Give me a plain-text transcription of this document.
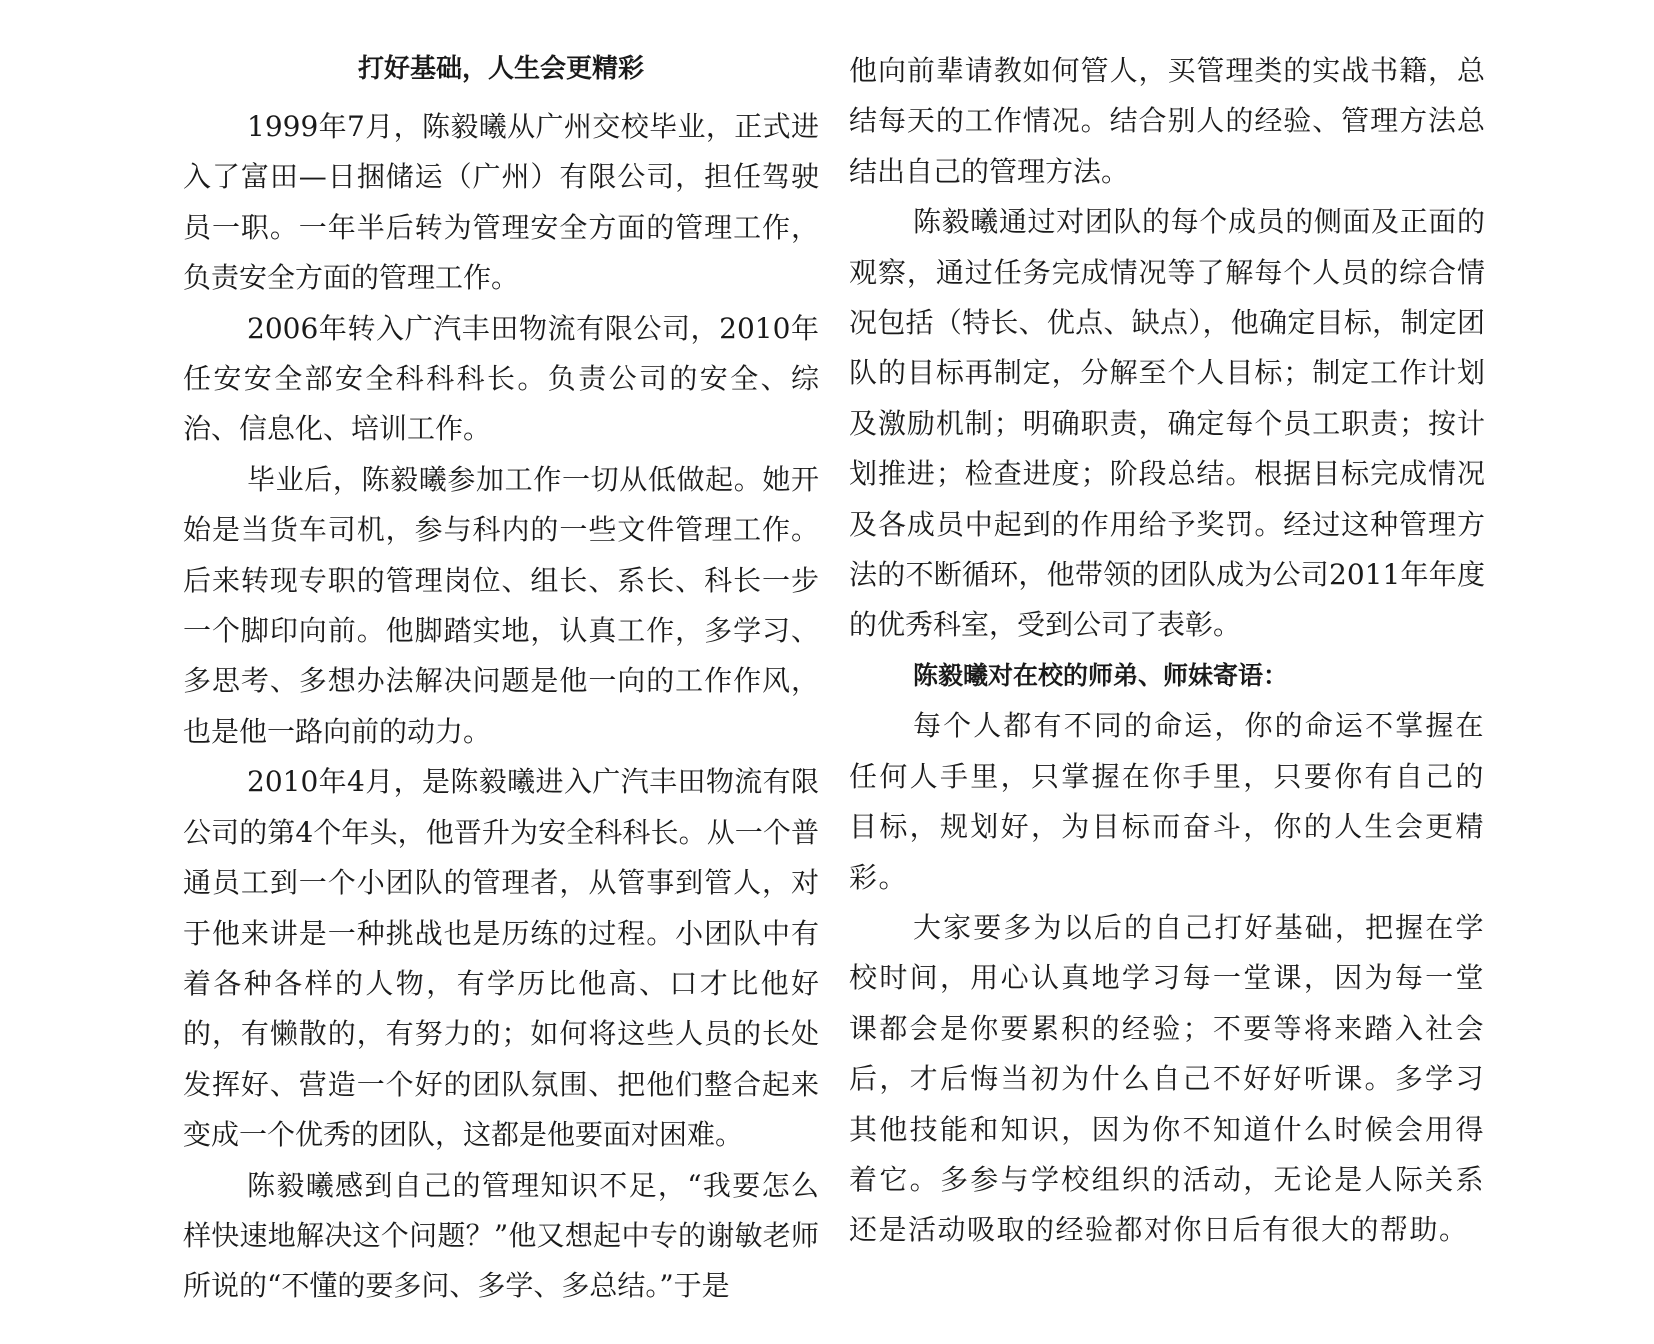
打好基础，人生会更精彩

1999年7月，陈毅曦从广州交校毕业，正式进入了富田—日捆储运（广州）有限公司，担任驾驶员一职。一年半后转为管理安全方面的管理工作，负责安全方面的管理工作。

2006年转入广汽丰田物流有限公司，2010年任安安全部安全科科科长。负责公司的安全、综治、信息化、培训工作。

毕业后，陈毅曦参加工作一切从低做起。她开始是当货车司机，参与科内的一些文件管理工作。后来转现专职的管理岗位、组长、系长、科长一步一个脚印向前。他脚踏实地，认真工作，多学习、多思考、多想办法解决问题是他一向的工作作风，也是他一路向前的动力。

2010年4月，是陈毅曦进入广汽丰田物流有限公司的第4个年头，他晋升为安全科科长。从一个普通员工到一个小团队的管理者，从管事到管人，对于他来讲是一种挑战也是历练的过程。小团队中有着各种各样的人物，有学历比他高、口才比他好的，有懒散的，有努力的；如何将这些人员的长处发挥好、营造一个好的团队氛围、把他们整合起来变成一个优秀的团队，这都是他要面对困难。

陈毅曦感到自己的管理知识不足，“我要怎么样快速地解决这个问题？”他又想起中专的谢敏老师所说的“不懂的要多问、多学、多总结。”于是

他向前辈请教如何管人，买管理类的实战书籍，总结每天的工作情况。结合别人的经验、管理方法总结出自己的管理方法。

陈毅曦通过对团队的每个成员的侧面及正面的观察，通过任务完成情况等了解每个人员的综合情况包括（特长、优点、缺点），他确定目标，制定团队的目标再制定，分解至个人目标；制定工作计划及激励机制；明确职责，确定每个员工职责；按计划推进；检查进度；阶段总结。根据目标完成情况及各成员中起到的作用给予奖罚。经过这种管理方法的不断循环，他带领的团队成为公司2011年年度的优秀科室，受到公司了表彰。

陈毅曦对在校的师弟、师妹寄语：

每个人都有不同的命运，你的命运不掌握在任何人手里，只掌握在你手里，只要你有自己的目标，规划好，为目标而奋斗，你的人生会更精彩。

大家要多为以后的自己打好基础，把握在学校时间，用心认真地学习每一堂课，因为每一堂课都会是你要累积的经验；不要等将来踏入社会后，才后悔当初为什么自己不好好听课。多学习其他技能和知识，因为你不知道什么时候会用得着它。多参与学校组织的活动，无论是人际关系还是活动吸取的经验都对你日后有很大的帮助。
